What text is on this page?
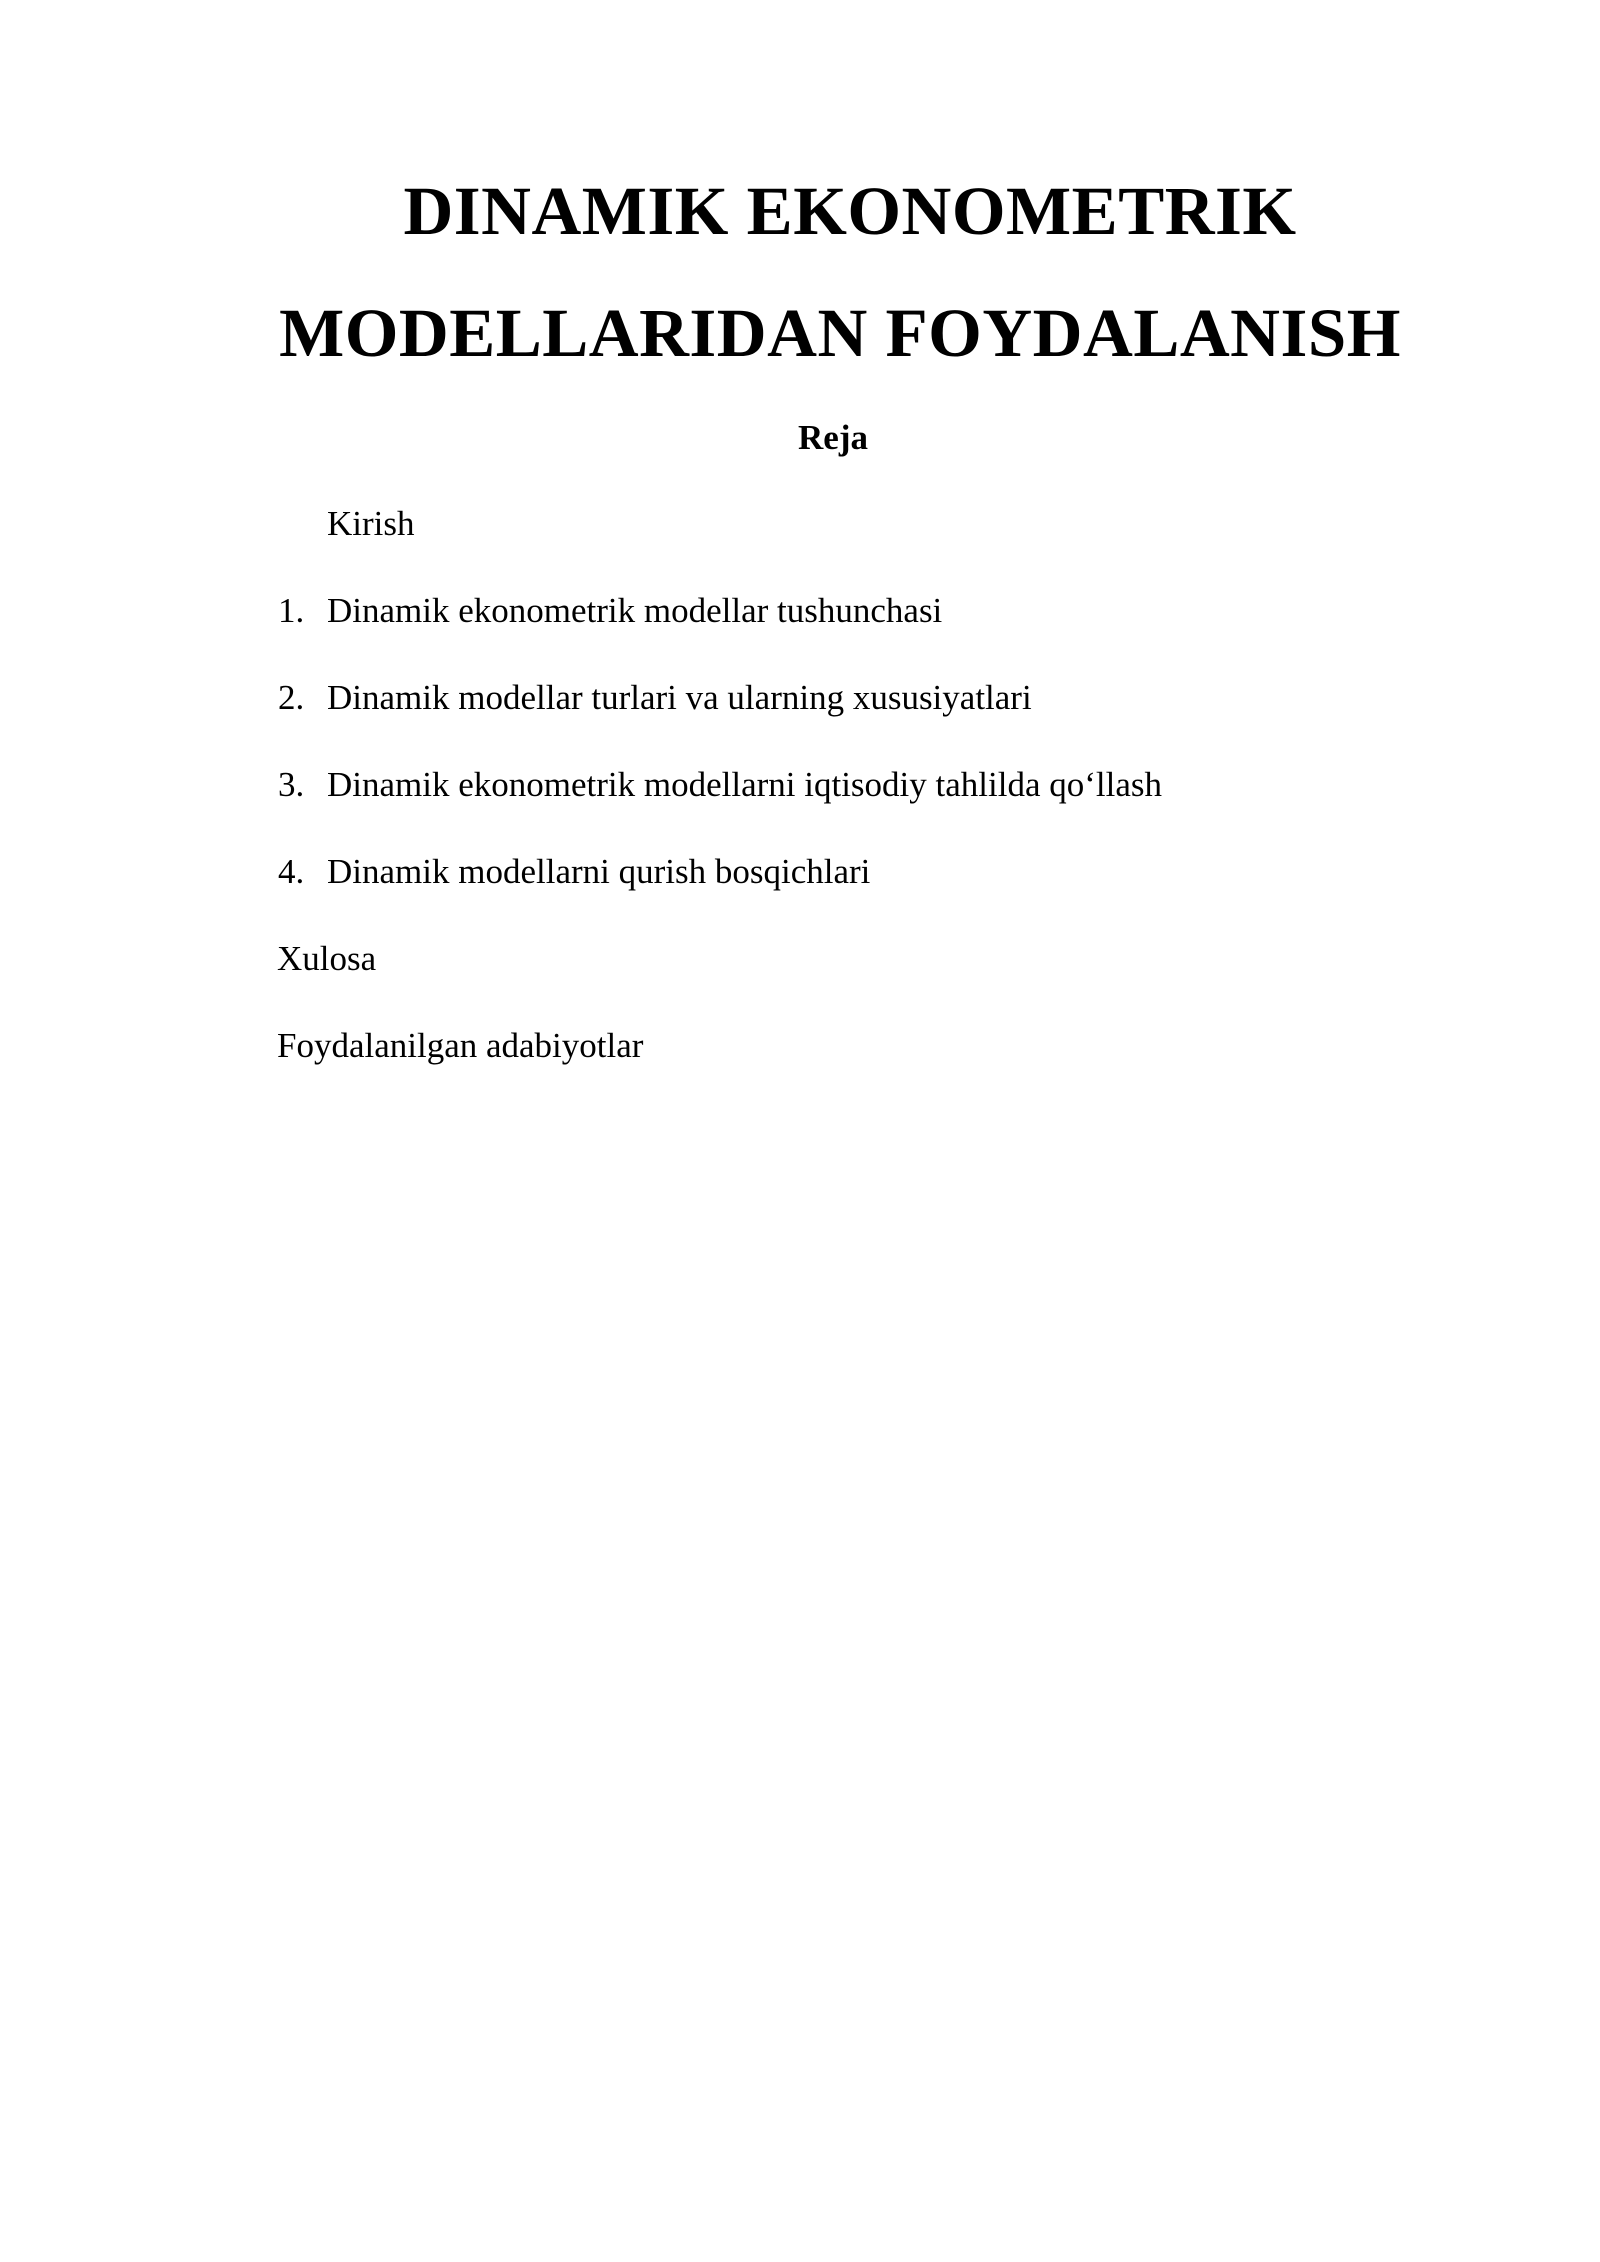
DINAMIK EKONOMETRIK
MODELLARIDAN FOYDALANISH
Reja
Kirish
1. Dinamik ekonometrik modellar tushunchasi
2. Dinamik modellar turlari va ularning xususiyatlari
3. Dinamik ekonometrik modellarni iqtisodiy tahlilda qo‘llash
4. Dinamik modellarni qurish bosqichlari
Xulosa
Foydalanilgan adabiyotlar
